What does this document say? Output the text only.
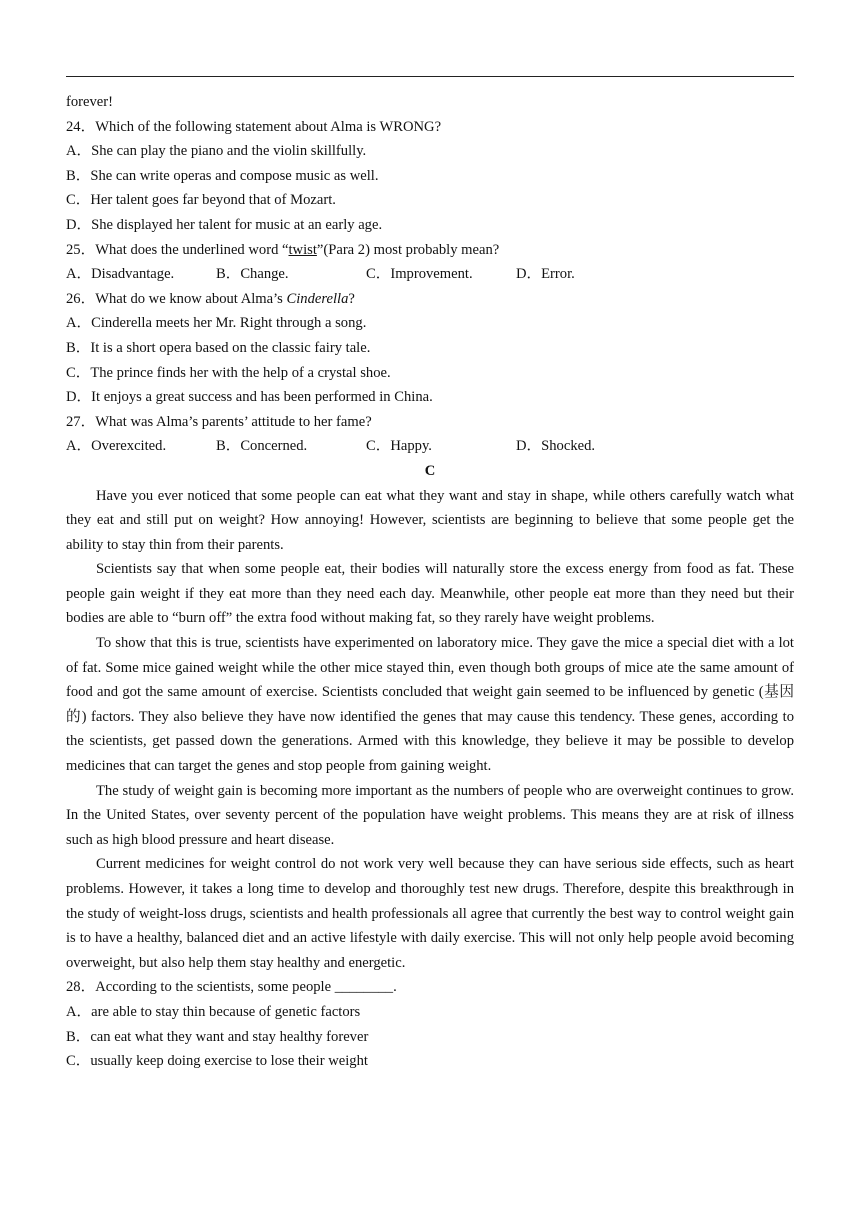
forever!
24．Which of the following statement about Alma is WRONG?
A．She can play the piano and the violin skillfully.
B．She can write operas and compose music as well.
C．Her talent goes far beyond that of Mozart.
D．She displayed her talent for music at an early age.
25．What does the underlined word “twist”(Para 2) most probably mean?
A．Disadvantage.	B．Change.	C．Improvement.	D．Error.
26．What do we know about Alma’s Cinderella?
A．Cinderella meets her Mr. Right through a song.
B．It is a short opera based on the classic fairy tale.
C．The prince finds her with the help of a crystal shoe.
D．It enjoys a great success and has been performed in China.
27．What was Alma’s parents’ attitude to her fame?
A．Overexcited.	B．Concerned.	C．Happy.	D．Shocked.
C
Have you ever noticed that some people can eat what they want and stay in shape, while others carefully watch what they eat and still put on weight? How annoying! However, scientists are beginning to believe that some people get the ability to stay thin from their parents.
Scientists say that when some people eat, their bodies will naturally store the excess energy from food as fat. These people gain weight if they eat more than they need each day. Meanwhile, other people eat more than they need but their bodies are able to “burn off” the extra food without making fat, so they rarely have weight problems.
To show that this is true, scientists have experimented on laboratory mice. They gave the mice a special diet with a lot of fat. Some mice gained weight while the other mice stayed thin, even though both groups of mice ate the same amount of food and got the same amount of exercise. Scientists concluded that weight gain seemed to be influenced by genetic (基因的) factors. They also believe they have now identified the genes that may cause this tendency. These genes, according to the scientists, get passed down the generations. Armed with this knowledge, they believe it may be possible to develop medicines that can target the genes and stop people from gaining weight.
The study of weight gain is becoming more important as the numbers of people who are overweight continues to grow. In the United States, over seventy percent of the population have weight problems. This means they are at risk of illness such as high blood pressure and heart disease.
Current medicines for weight control do not work very well because they can have serious side effects, such as heart problems. However, it takes a long time to develop and thoroughly test new drugs. Therefore, despite this breakthrough in the study of weight-loss drugs, scientists and health professionals all agree that currently the best way to control weight gain is to have a healthy, balanced diet and an active lifestyle with daily exercise. This will not only help people avoid becoming overweight, but also help them stay healthy and energetic.
28．According to the scientists, some people ________.
A．are able to stay thin because of genetic factors
B．can eat what they want and stay healthy forever
C．usually keep doing exercise to lose their weight
